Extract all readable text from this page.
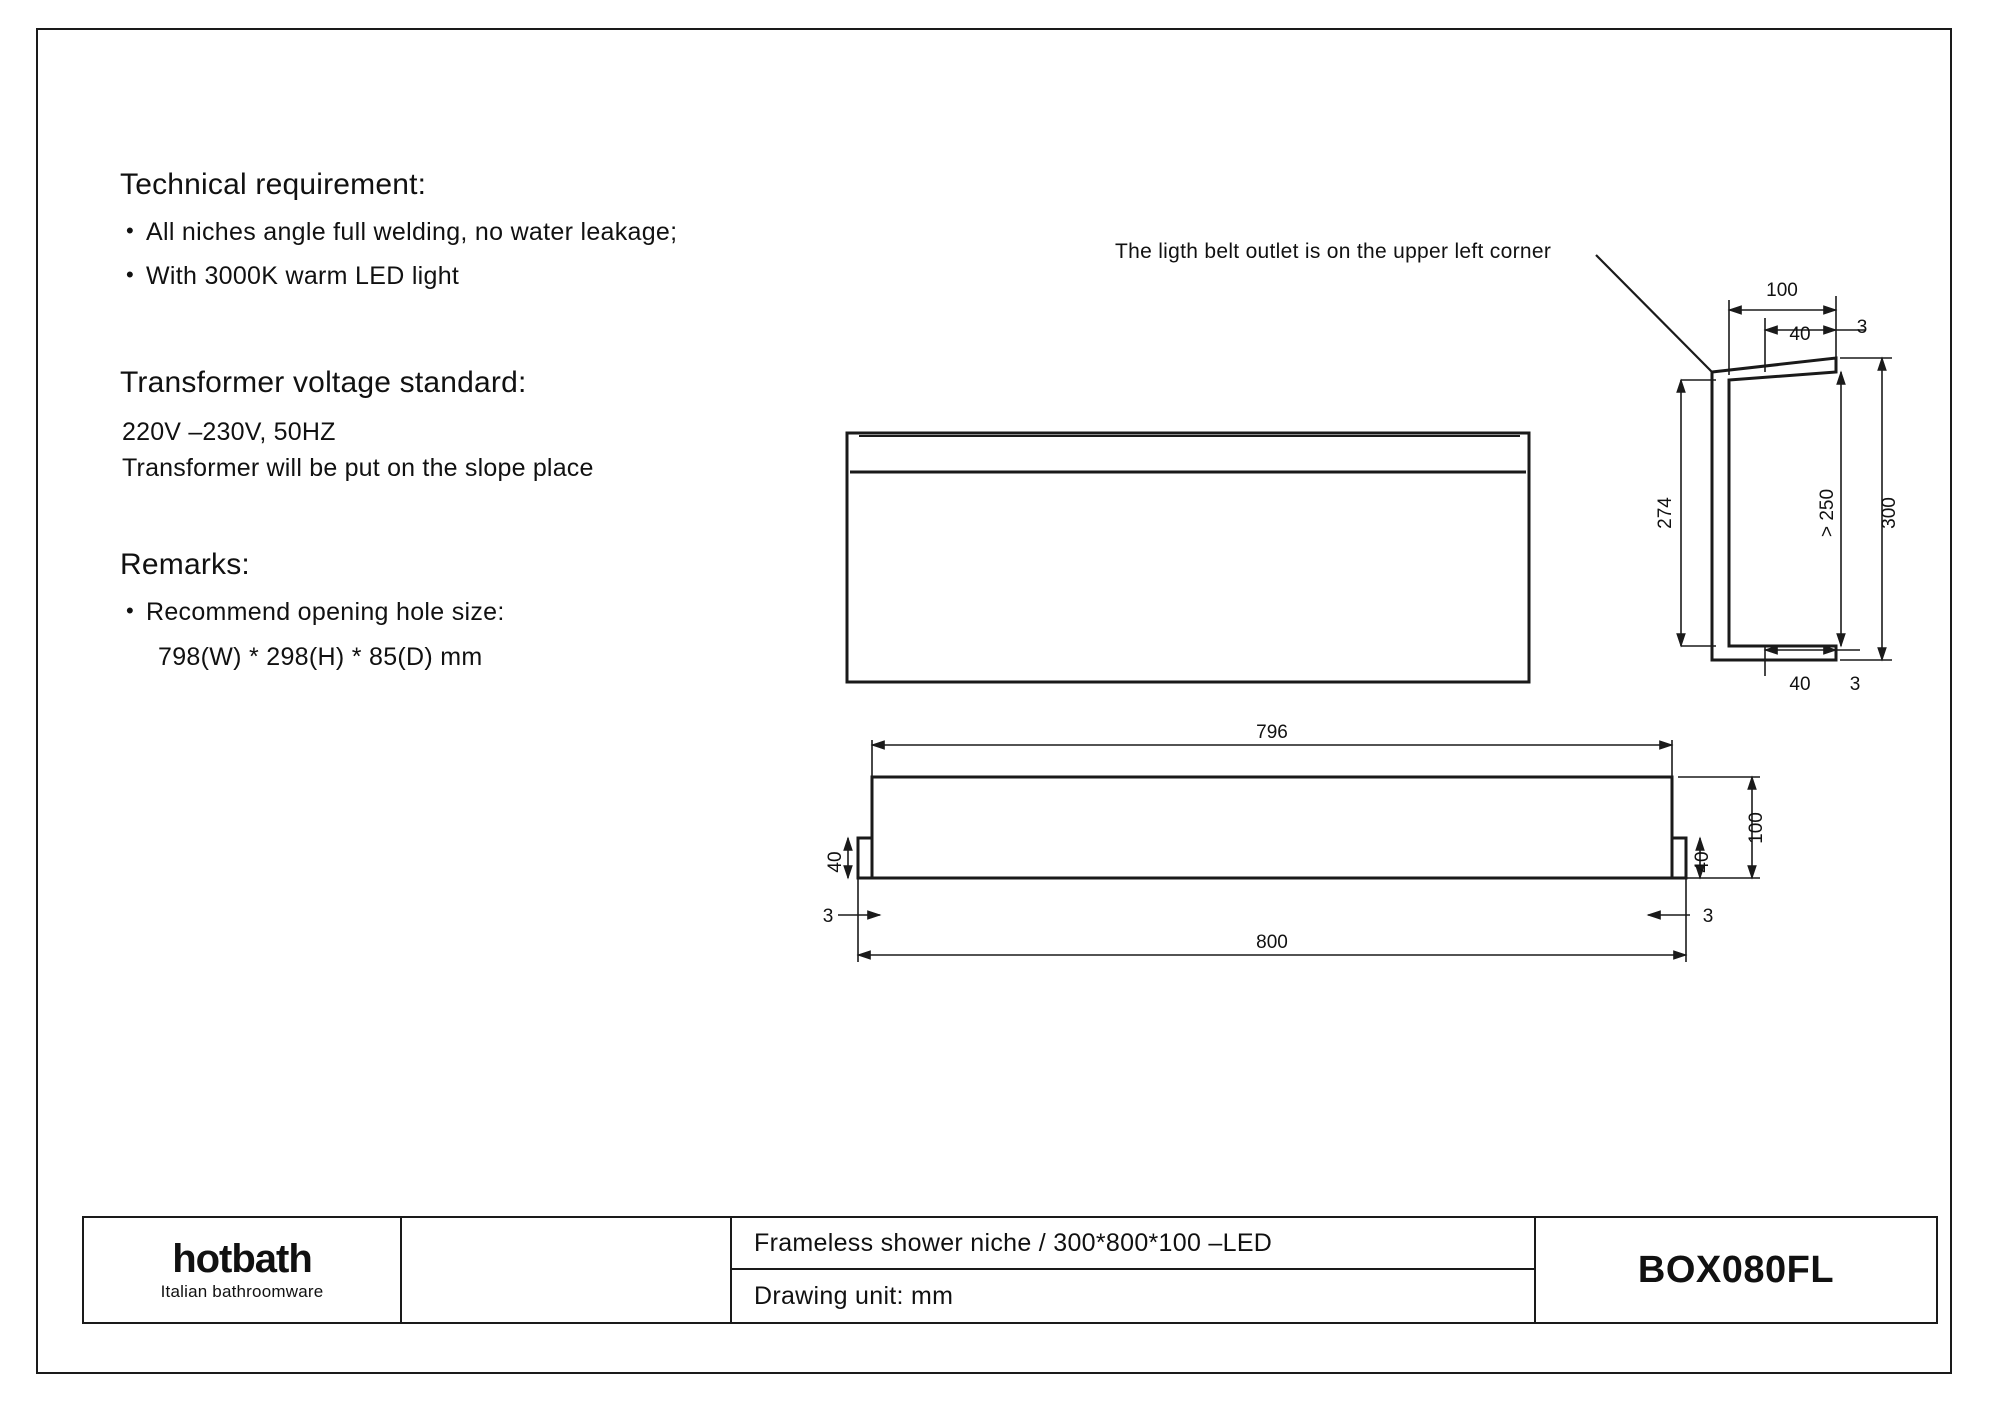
Technical requirement:
• All niches angle full welding, no water leakage;
• With 3000K warm LED light
Transformer voltage standard:
220V –230V, 50HZ
Transformer will be put on the slope place
Remarks:
• Recommend opening hole size:
798(W) * 298(H) * 85(D) mm
The ligth belt outlet is on the upper left corner
100
40 3
274	> 250 300
40 3
796
800
100
40	40
3	3
hotbath
Italian bathroomware
Frameless shower niche / 300*800*100 –LED
Drawing unit: mm
BOX080FL
